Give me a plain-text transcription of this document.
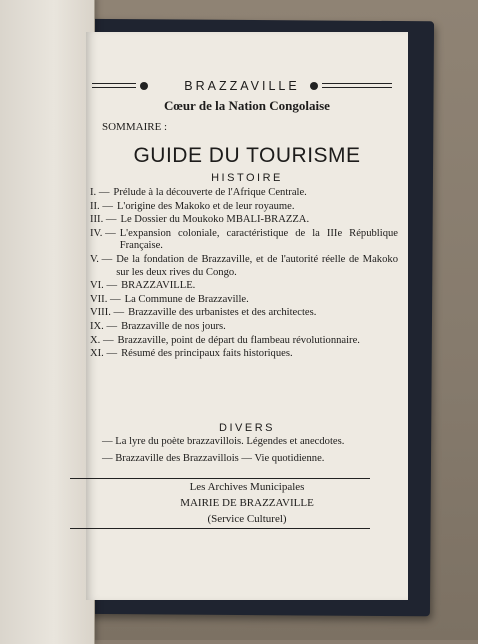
BRAZZAVILLE
Cœur de la Nation Congolaise
SOMMAIRE :
GUIDE DU TOURISME
HISTOIRE
I. — Prélude à la découverte de l'Afrique Centrale.
II. — L'origine des Makoko et de leur royaume.
III. — Le Dossier du Moukoko MBALI-BRAZZA.
IV. — L'expansion coloniale, caractéristique de la IIIe République Française.
V. — De la fondation de Brazzaville, et de l'autorité réelle de Makoko sur les deux rives du Congo.
VI. — BRAZZAVILLE.
VII. — La Commune de Brazzaville.
VIII. — Brazzaville des urbanistes et des architectes.
IX. — Brazzaville de nos jours.
X. — Brazzaville, point de départ du flambeau révolutionnaire.
XI. — Résumé des principaux faits historiques.
DIVERS
— La lyre du poète brazzavillois. Légendes et anecdotes.
— Brazzaville des Brazzavillois — Vie quotidienne.
Les Archives Municipales
MAIRIE DE BRAZZAVILLE
(Service Culturel)
